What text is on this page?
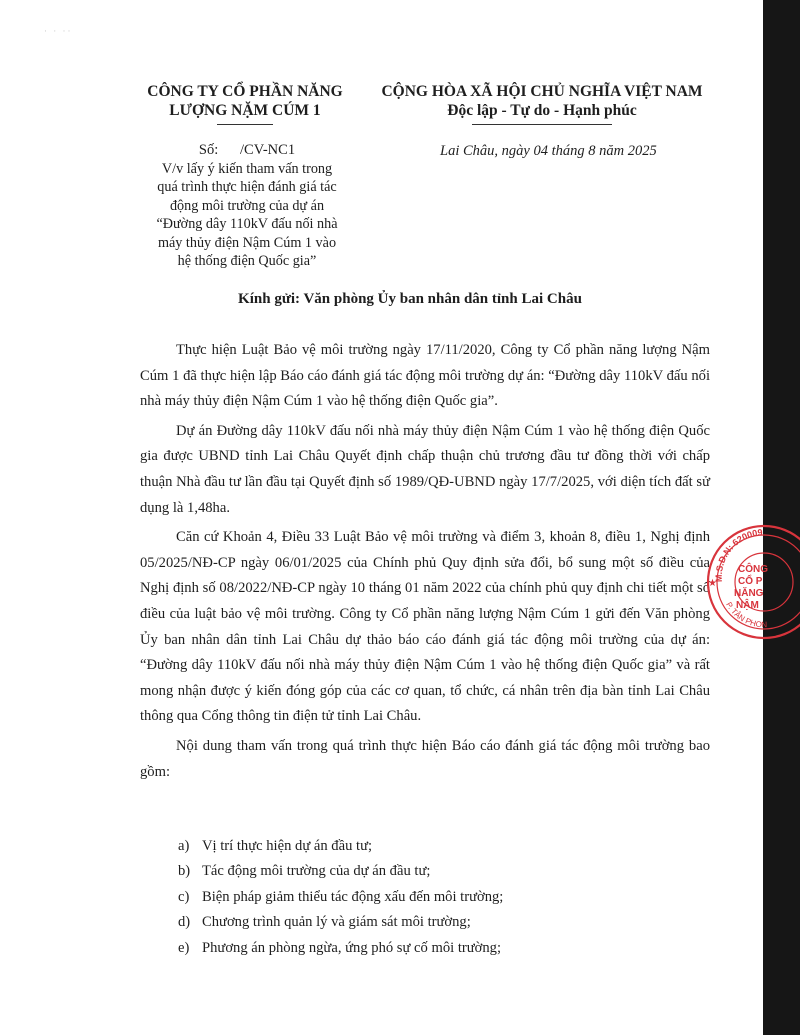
· · ··
CÔNG TY CỔ PHẦN NĂNG
LƯỢNG NẶM CÚM 1
CỘNG HÒA XÃ HỘI CHỦ NGHĨA VIỆT NAM
Độc lập - Tự do - Hạnh phúc
Số:      /CV-NC1
V/v lấy ý kiến tham vấn trong
quá trình thực hiện đánh giá tác
động môi trường của dự án
“Đường dây 110kV đấu nối nhà
máy thủy điện Nậm Cúm 1 vào
hệ thống điện Quốc gia”
Lai Châu, ngày 04 tháng 8 năm 2025
Kính gửi: Văn phòng Ủy ban nhân dân tỉnh Lai Châu

Thực hiện Luật Bảo vệ môi trường ngày 17/11/2020, Công ty Cổ phần năng lượng Nậm Cúm 1 đã thực hiện lập Báo cáo đánh giá tác động môi trường dự án: “Đường dây 110kV đấu nối nhà máy thủy điện Nậm Cúm 1 vào hệ thống điện Quốc gia”.

Dự án Đường dây 110kV đấu nối nhà máy thủy điện Nậm Cúm 1 vào hệ thống điện Quốc gia được UBND tỉnh Lai Châu Quyết định chấp thuận chủ trương đầu tư đồng thời với chấp thuận Nhà đầu tư lần đầu tại Quyết định số 1989/QĐ-UBND ngày 17/7/2025, với diện tích đất sử dụng là 1,48ha.

Căn cứ Khoản 4, Điều 33 Luật Bảo vệ môi trường và điểm 3, khoản 8, điều 1, Nghị định 05/2025/NĐ-CP ngày 06/01/2025 của Chính phủ Quy định sửa đổi, bổ sung một số điều của Nghị định số 08/2022/NĐ-CP ngày 10 tháng 01 năm 2022 của chính phủ quy định chi tiết một số điều của luật bảo vệ môi trường. Công ty Cổ phần năng lượng Nậm Cúm 1 gửi đến Văn phòng Ủy ban nhân dân tỉnh Lai Châu dự thảo báo cáo đánh giá tác động môi trường của dự án: “Đường dây 110kV đấu nối nhà máy thủy điện Nậm Cúm 1 vào hệ thống điện Quốc gia” và rất mong nhận được ý kiến đóng góp của các cơ quan, tổ chức, cá nhân trên địa bàn tỉnh Lai Châu thông qua Cổng thông tin điện tử tỉnh Lai Châu.

Nội dung tham vấn trong quá trình thực hiện Báo cáo đánh giá tác động môi trường bao gồm:

a) Vị trí thực hiện dự án đầu tư;
b) Tác động môi trường của dự án đầu tư;
c) Biện pháp giảm thiểu tác động xấu đến môi trường;
d) Chương trình quản lý và giám sát môi trường;
e) Phương án phòng ngừa, ứng phó sự cố môi trường;
M.S.D.N: 620009
P. TÂN PHON
CÔNG
CỔ P
NĂNG
NẬM
★
